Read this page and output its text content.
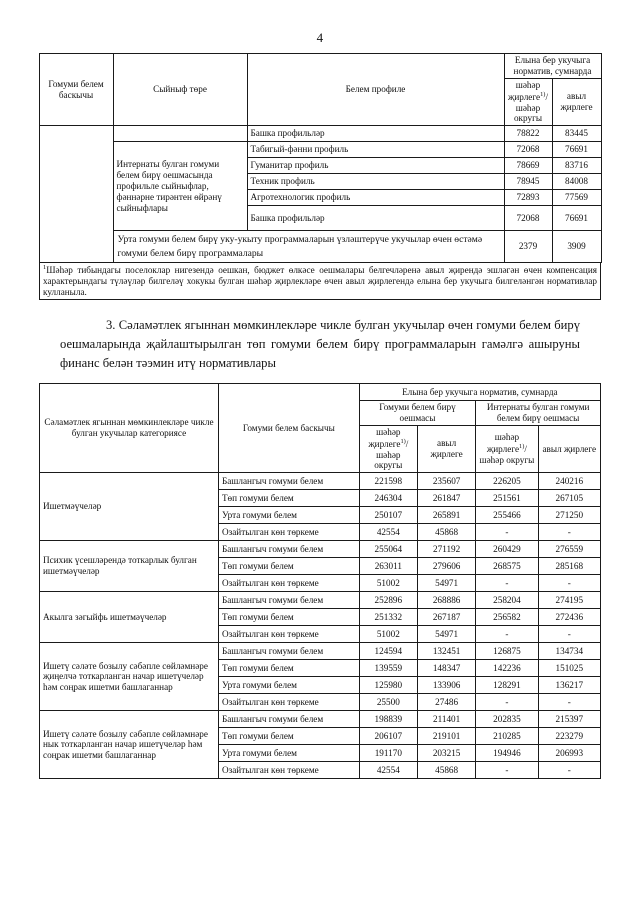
4
Гомуми белем баскычы	Сыйныф төре	Белем профиле	Елына бер укучыга норматив, сумнарда	
			шәһәр җирлеге$^{1)}$/ шәһәр округы	авыл җирлеге
		Башка профильләр	78822	83445
	Интернаты булган гомуми белем бирү оешмасында профильле сыйныфлар, фәннәрне тирәнтен өйрәнү сыйныфлары	Табигый-фәнни профиль	72068	76691
		Гуманитар профиль	78669	83716
		Техник профиль	78945	84008
		Агротехнологик профиль	72893	77569
		Башка профильләр	72068	76691
	Урта гомуми белем бирү уку-укыту программаларын үзләштерүче укучылар өчен өстәмә гомуми белем бирү программалары		2379	3909
$^1$Шәһәр тибындагы поселоклар нигезендә оешкан, бюджет өлкәсе оешмалары белгечләренә авыл җирендә эшләгән өчен компенсация характерындагы түләүләр билгеләү хокукы булган шәһәр җирлекләре өчен авыл җирлегендә елына бер укучыга билгеләнгән нормативлар кулланыла.
3. Сәламәтлек ягыннан мөмкинлекләре чикле булган укучылар өчен гомуми белем бирү оешмаларында җайлаштырылган төп гомуми белем бирү программаларын гамәлгә ашыруны финанс белән тәэмин итү нормативлары
Сәламәтлек ягыннан мөмкинлекләре чикле булган укучылар категориясе	Гомуми белем баскычы	Елына бер укучыга норматив, сумнарда			
		Гомуми белем бирү оешмасы		Интернаты булган гомуми белем бирү оешмасы	
		шәһәр җирлеге$^{1)}$/ шәһәр округы	авыл җирлеге	шәһәр җирлеге$^{1)}$/ шәһәр округы	авыл җирлеге
Ишетмәүчеләр	Башлангыч гомуми белем	221598	235607	226205	240216
	Төп гомуми белем	246304	261847	251561	267105
	Урта гомуми белем	250107	265891	255466	271250
	Озайтылган көн төркеме	42554	45868	-	-
Психик үсешләрендә тоткарлык булган ишетмәүчеләр	Башлангыч гомуми белем	255064	271192	260429	276559
	Төп гомуми белем	263011	279606	268575	285168
	Озайтылган көн төркеме	51002	54971	-	-
Акылга зәгыйфь ишетмәүчеләр	Башлангыч гомуми белем	252896	268886	258204	274195
	Төп гомуми белем	251332	267187	256582	272436
	Озайтылган көн төркеме	51002	54971	-	-
Ишетү сәләте бозылу сәбәпле сөйләмнәре җиңелчә тоткарланган начар ишетүчеләр һәм соңрак ишетми башлаганнар	Башлангыч гомуми белем	124594	132451	126875	134734
	Төп гомуми белем	139559	148347	142236	151025
	Урта гомуми белем	125980	133906	128291	136217
	Озайтылган көн төркеме	25500	27486	-	-
Ишетү сәләте бозылу сәбәпле сөйләмнәре нык тоткарланган начар ишетүчеләр һәм соңрак ишетми башлаганнар	Башлангыч гомуми белем	198839	211401	202835	215397
	Төп гомуми белем	206107	219101	210285	223279
	Урта гомуми белем	191170	203215	194946	206993
	Озайтылган көн төркеме	42554	45868	-	-
